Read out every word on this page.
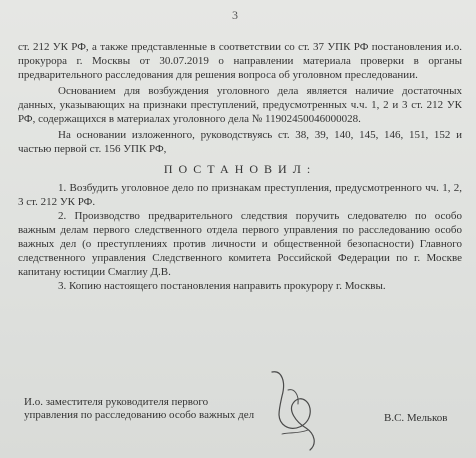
3

ст. 212 УК РФ, а также представленные в соответствии со ст. 37 УПК РФ постановления и.о. прокурора г. Москвы от 30.07.2019 о направлении материала проверки в органы предварительного расследования для решения вопроса об уголовном преследовании.

Основанием для возбуждения уголовного дела является наличие достаточных данных, указывающих на признаки преступлений, предусмотренных ч.ч. 1, 2 и 3 ст. 212 УК РФ, содержащихся в материалах уголовного дела № 11902450046000028.

На основании изложенного, руководствуясь ст. 38, 39, 140, 145, 146, 151, 152 и частью первой ст. 156 УПК РФ,

ПОСТАНОВИЛ:

1. Возбудить уголовное дело по признакам преступления, предусмотренного чч. 1, 2, 3 ст. 212 УК РФ.

2. Производство предварительного следствия поручить следователю по особо важным делам первого следственного отдела первого управления по расследованию особо важных дел (о преступлениях против личности и общественной безопасности) Главного следственного управления Следственного комитета Российской Федерации по г. Москве капитану юстиции Смаглиу Д.В.

3. Копию настоящего постановления направить прокурору г. Москвы.

И.о. заместителя руководителя первого управления по расследованию особо важных дел	В.С. Мельков
